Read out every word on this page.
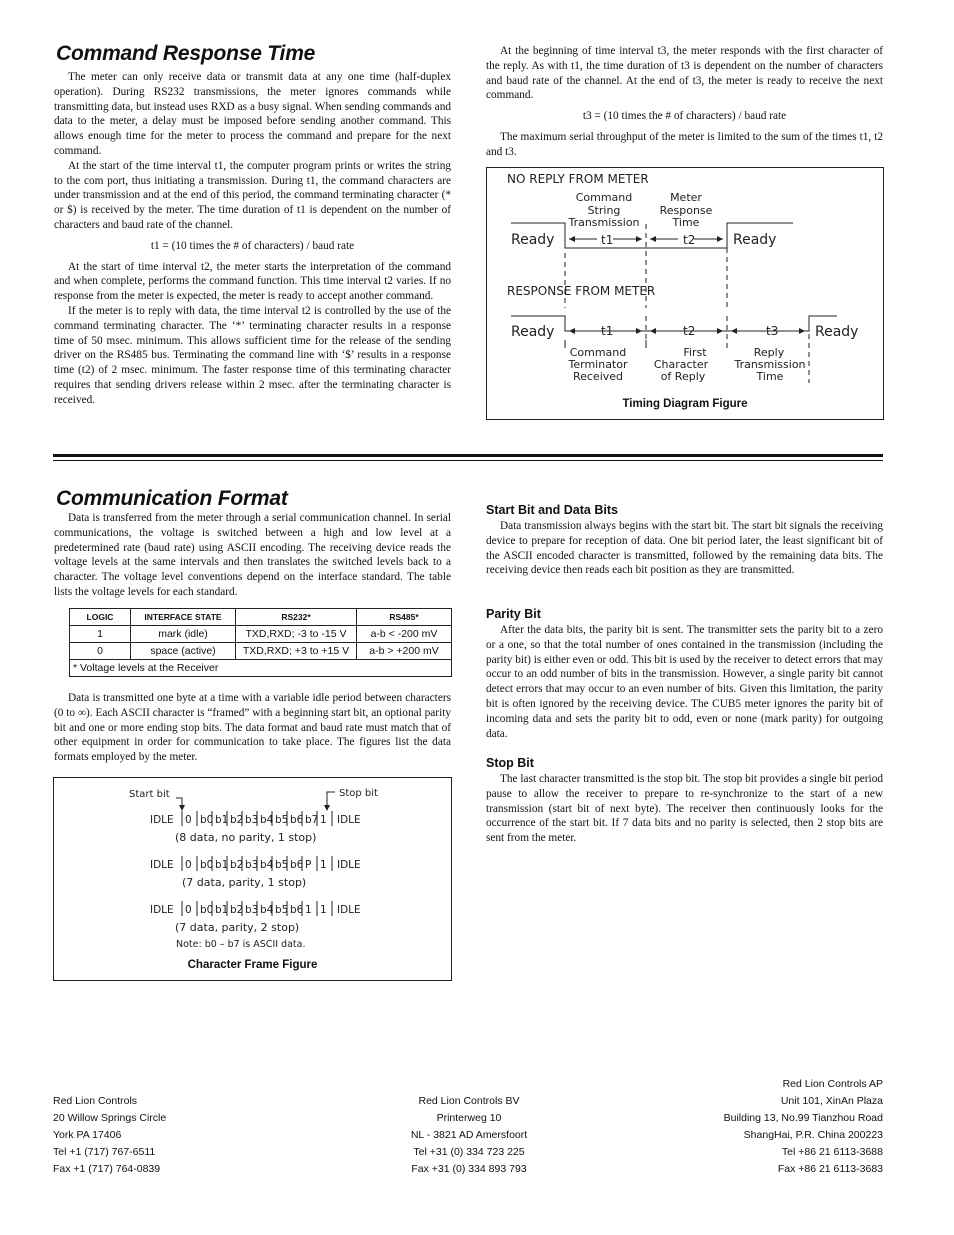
Command Response Time

The meter can only receive data or transmit data at any one time (half-duplex operation). During RS232 transmissions, the meter ignores commands while transmitting data, but instead uses RXD as a busy signal. When sending commands and data to the meter, a delay must be imposed before sending another command. This allows enough time for the meter to process the command and prepare for the next command.

At the start of the time interval t1, the computer program prints or writes the string to the com port, thus initiating a transmission. During t1, the command characters are under transmission and at the end of this period, the command terminating character (* or $) is received by the meter. The time duration of t1 is dependent on the number of characters and baud rate of the channel.

t1 = (10 times the # of characters) / baud rate

At the start of time interval t2, the meter starts the interpretation of the command and when complete, performs the command function. This time interval t2 varies. If no response from the meter is expected, the meter is ready to accept another command.

If the meter is to reply with data, the time interval t2 is controlled by the use of the command terminating character. The ‘*’ terminating character results in a response time of 50 msec. minimum. This allows sufficient time for the release of the sending driver on the RS485 bus. Terminating the command line with ‘$’ results in a response time (t2) of 2 msec. minimum. The faster response time of this terminating character requires that sending drivers release within 2 msec. after the terminating character is received.

At the beginning of time interval t3, the meter responds with the first character of the reply. As with t1, the time duration of t3 is dependent on the number of characters and baud rate of the channel. At the end of t3, the meter is ready to receive the next command.

t3 = (10 times the # of characters) / baud rate

The maximum serial throughput of the meter is limited to the sum of the times t1, t2 and t3.

NO REPLY FROM METER
Command
String
Transmission
Meter
Response
Time
Ready	t1	t2	Ready
RESPONSE FROM METER
Ready	t1	t2	t3	Ready
Command
Terminator
Received
First
Character
of Reply
Reply
Transmission
Time
Timing Diagram Figure
Communication Format

Data is transferred from the meter through a serial communication channel. In serial communications, the voltage is switched between a high and low level at a predetermined rate (baud rate) using ASCII encoding. The receiving device reads the voltage levels at the same intervals and then translates the switched levels back to a character. The voltage level conventions depend on the interface standard. The table lists the voltage levels for each standard.

LOGIC	INTERFACE STATE	RS232*	RS485*
1	mark (idle)	TXD,RXD; -3 to -15 V	a-b < -200 mV
0	space (active)	TXD,RXD; +3 to +15 V	a-b > +200 mV
* Voltage levels at the Receiver			

Data is transmitted one byte at a time with a variable idle period between characters (0 to ∞). Each ASCII character is “framed” with a beginning start bit, an optional parity bit and one or more ending stop bits. The data format and baud rate must match that of other equipment in order for communication to take place. The figures list the data formats employed by the meter.

Start bit	Stop bit
(8 data, no parity, 1 stop)
(7 data, parity, 1 stop)
(7 data, parity, 2 stop)
Note: b0 – b7 is ASCII data.
IDLE 0 b0 b1 b2 b3 b4 b5 b6 b7 1 IDLE
IDLE 0 b0 b1 b2 b3 b4 b5 b6 P 1 IDLE
IDLE 0 b0 b1 b2 b3 b4 b5 b6 1 1 IDLE
Character Frame Figure
Start Bit and Data Bits

Data transmission always begins with the start bit. The start bit signals the receiving device to prepare for reception of data. One bit period later, the least significant bit of the ASCII encoded character is transmitted, followed by the remaining data bits. The receiving device then reads each bit position as they are transmitted.

Parity Bit

After the data bits, the parity bit is sent. The transmitter sets the parity bit to a zero or a one, so that the total number of ones contained in the transmission (including the parity bit) is either even or odd. This bit is used by the receiver to detect errors that may occur to an odd number of bits in the transmission. However, a single parity bit cannot detect errors that may occur to an even number of bits. Given this limitation, the parity bit is often ignored by the receiving device. The CUB5 meter ignores the parity bit of incoming data and sets the parity bit to odd, even or none (mark parity) for outgoing data.

Stop Bit

The last character transmitted is the stop bit. The stop bit provides a single bit period pause to allow the receiver to prepare to re-synchronize to the start of a new transmission (start bit of next byte). The receiver then continuously looks for the occurrence of the start bit. If 7 data bits and no parity is selected, then 2 stop bits are sent from the meter.

Red Lion Controls
20 Willow Springs Circle
York PA 17406
Tel +1 (717) 767-6511
Fax +1 (717) 764-0839
Red Lion Controls BV
Printerweg 10
NL - 3821 AD Amersfoort
Tel +31 (0) 334 723 225
Fax +31 (0) 334 893 793
Red Lion Controls AP
Unit 101, XinAn Plaza
Building 13, No.99 Tianzhou Road
ShangHai, P.R. China 200223
Tel +86 21 6113-3688
Fax +86 21 6113-3683
